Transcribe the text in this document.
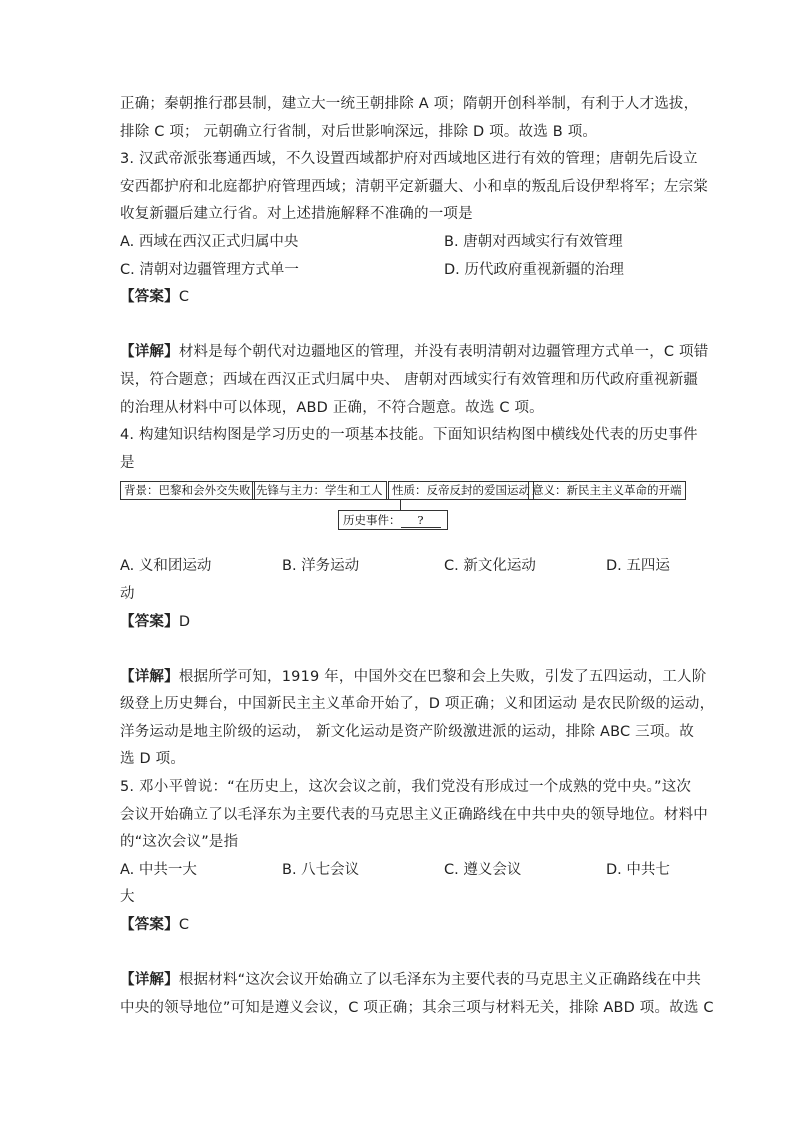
正确；秦朝推行郡县制，建立大一统王朝排除 A 项；隋朝开创科举制，有利于人才选拔，
排除 C 项； 元朝确立行省制，对后世影响深远，排除 D 项。故选 B 项。
3. 汉武帝派张骞通西域，不久设置西域都护府对西域地区进行有效的管理；唐朝先后设立
安西都护府和北庭都护府管理西域；清朝平定新疆大、小和卓的叛乱后设伊犁将军；左宗棠
收复新疆后建立行省。对上述措施解释不准确的一项是
A. 西域在西汉正式归属中央	B. 唐朝对西域实行有效管理
C. 清朝对边疆管理方式单一	D. 历代政府重视新疆的治理
【答案】C
【详解】材料是每个朝代对边疆地区的管理，并没有表明清朝对边疆管理方式单一，C 项错
误，符合题意；西域在西汉正式归属中央、 唐朝对西域实行有效管理和历代政府重视新疆
的治理从材料中可以体现，ABD 正确，不符合题意。故选 C 项。
4. 构建知识结构图是学习历史的一项基本技能。下面知识结构图中横线处代表的历史事件
是
背景：巴黎和会外交失败 先锋与主力：学生和工人 性质：反帝反封的爱国运动 意义：新民主主义革命的开端
历史事件： ?
A. 义和团运动	B. 洋务运动	C. 新文化运动	D. 五四运
动
【答案】D
【详解】根据所学可知，1919 年，中国外交在巴黎和会上失败，引发了五四运动，工人阶
级登上历史舞台，中国新民主主义革命开始了，D 项正确；义和团运动 是农民阶级的运动，
洋务运动是地主阶级的运动， 新文化运动是资产阶级激进派的运动，排除 ABC 三项。故
选 D 项。
5. 邓小平曾说：“在历史上，这次会议之前，我们党没有形成过一个成熟的党中央。”这次
会议开始确立了以毛泽东为主要代表的马克思主义正确路线在中共中央的领导地位。材料中
的“这次会议”是指
A. 中共一大	B. 八七会议	C. 遵义会议	D. 中共七
大
【答案】C
【详解】根据材料“这次会议开始确立了以毛泽东为主要代表的马克思主义正确路线在中共
中央的领导地位”可知是遵义会议，C 项正确；其余三项与材料无关，排除 ABD 项。故选 C
